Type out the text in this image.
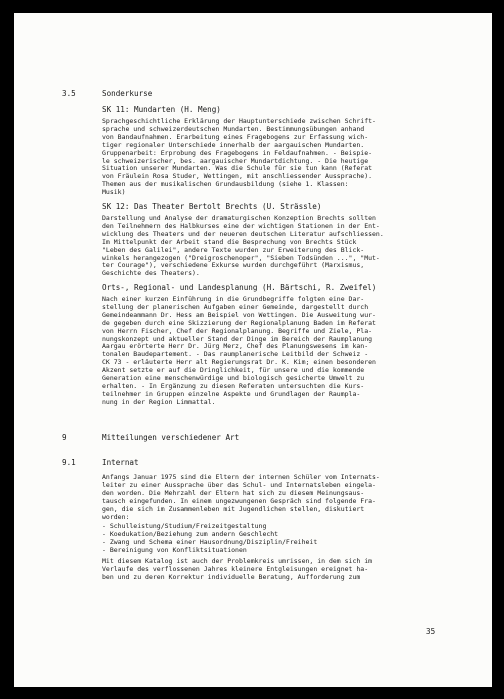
3.5	Sonderkurse
SK 11: Mundarten (H. Meng)
Sprachgeschichtliche Erklärung der Hauptunterschiede zwischen Schrift-
sprache und schweizerdeutschen Mundarten. Bestimmungsübungen anhand
von Bandaufnahmen. Erarbeitung eines Fragebogens zur Erfassung wich-
tiger regionaler Unterschiede innerhalb der aargauischen Mundarten.
Gruppenarbeit: Erprobung des Fragebogens in Feldaufnahmen. - Beispie-
le schweizerischer, bes. aargauischer Mundartdichtung. - Die heutige
Situation unserer Mundarten. Was die Schule für sie tun kann (Referat
von Fräulein Rosa Studer, Wettingen, mit anschliessender Aussprache).
Themen aus der musikalischen Grundausbildung (siehe 1. Klassen:
Musik)
SK 12: Das Theater Bertolt Brechts (U. Strässle)
Darstellung und Analyse der dramaturgischen Konzeption Brechts sollten
den Teilnehmern des Halbkurses eine der wichtigen Stationen in der Ent-
wicklung des Theaters und der neueren deutschen Literatur aufschliessen.
Im Mittelpunkt der Arbeit stand die Besprechung von Brechts Stück
"Leben des Galilei", andere Texte wurden zur Erweiterung des Blick-
winkels herangezogen ("Dreigroschenoper", "Sieben Todsünden ...", "Mut-
ter Courage"), verschiedene Exkurse wurden durchgeführt (Marxismus,
Geschichte des Theaters).
Orts-, Regional- und Landesplanung (H. Bärtschi, R. Zweifel)
Nach einer kurzen Einführung in die Grundbegriffe folgten eine Dar-
stellung der planerischen Aufgaben einer Gemeinde, dargestellt durch
Gemeindeammann Dr. Hess am Beispiel von Wettingen. Die Ausweitung wur-
de gegeben durch eine Skizzierung der Regionalplanung Baden im Referat
von Herrn Fischer, Chef der Regionalplanung. Begriffe und Ziele, Pla-
nungskonzept und aktueller Stand der Dinge im Bereich der Raumplanung
Aargau erörterte Herr Dr. Jürg Merz, Chef des Planungswesens im kan-
tonalen Baudepartement. - Das raumplanerische Leitbild der Schweiz -
CK 73 - erläuterte Herr alt Regierungsrat Dr. K. Kim; einen besonderen
Akzent setzte er auf die Dringlichkeit, für unsere und die kommende
Generation eine menschenwürdige und biologisch gesicherte Umwelt zu
erhalten. - In Ergänzung zu diesen Referaten untersuchten die Kurs-
teilnehmer in Gruppen einzelne Aspekte und Grundlagen der Raumpla-
nung in der Region Limmattal.
9	Mitteilungen verschiedener Art
9.1	Internat
Anfangs Januar 1975 sind die Eltern der internen Schüler vom Internats-
leiter zu einer Aussprache über das Schul- und Internatsleben eingela-
den worden. Die Mehrzahl der Eltern hat sich zu diesem Meinungsaus-
tausch eingefunden. In einem ungezwungenen Gespräch sind folgende Fra-
gen, die sich im Zusammenleben mit Jugendlichen stellen, diskutiert
worden:
- Schulleistung/Studium/Freizeitgestaltung
- Koedukation/Beziehung zum andern Geschlecht
- Zwang und Schema einer Hausordnung/Disziplin/Freiheit
- Bereinigung von Konfliktsituationen
Mit diesem Katalog ist auch der Problemkreis umrissen, in dem sich im
Verlaufe des verflossenen Jahres kleinere Entgleisungen ereignet ha-
ben und zu deren Korrektur individuelle Beratung, Aufforderung zum
35
